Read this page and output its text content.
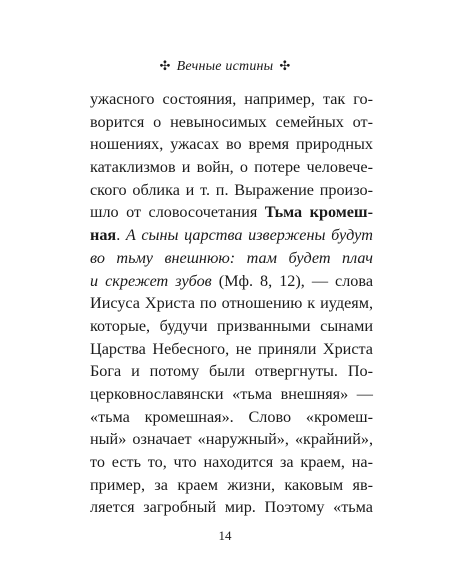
✣ Вечные истины ✣
ужасного состояния, например, так го-
ворится о невыносимых семейных от-
ношениях, ужасах во время природных
катаклизмов и войн, о потере человече-
ского облика и т. п. Выражение произо-
шло от словосочетания Тьма кромеш-
ная. А сыны царства извержены будут
во тьму внешнюю: там будет плач
и скрежет зубов (Мф. 8, 12), — слова
Иисуса Христа по отношению к иудеям,
которые, будучи призванными сынами
Царства Небесного, не приняли Христа
Бога и потому были отвергнуты. По-
церковнославянски «тьма внешняя» —
«тьма кромешная». Слово «кромеш-
ный» означает «наружный», «крайний»,
то есть то, что находится за краем, на-
пример, за краем жизни, каковым яв-
ляется загробный мир. Поэтому «тьма
14
